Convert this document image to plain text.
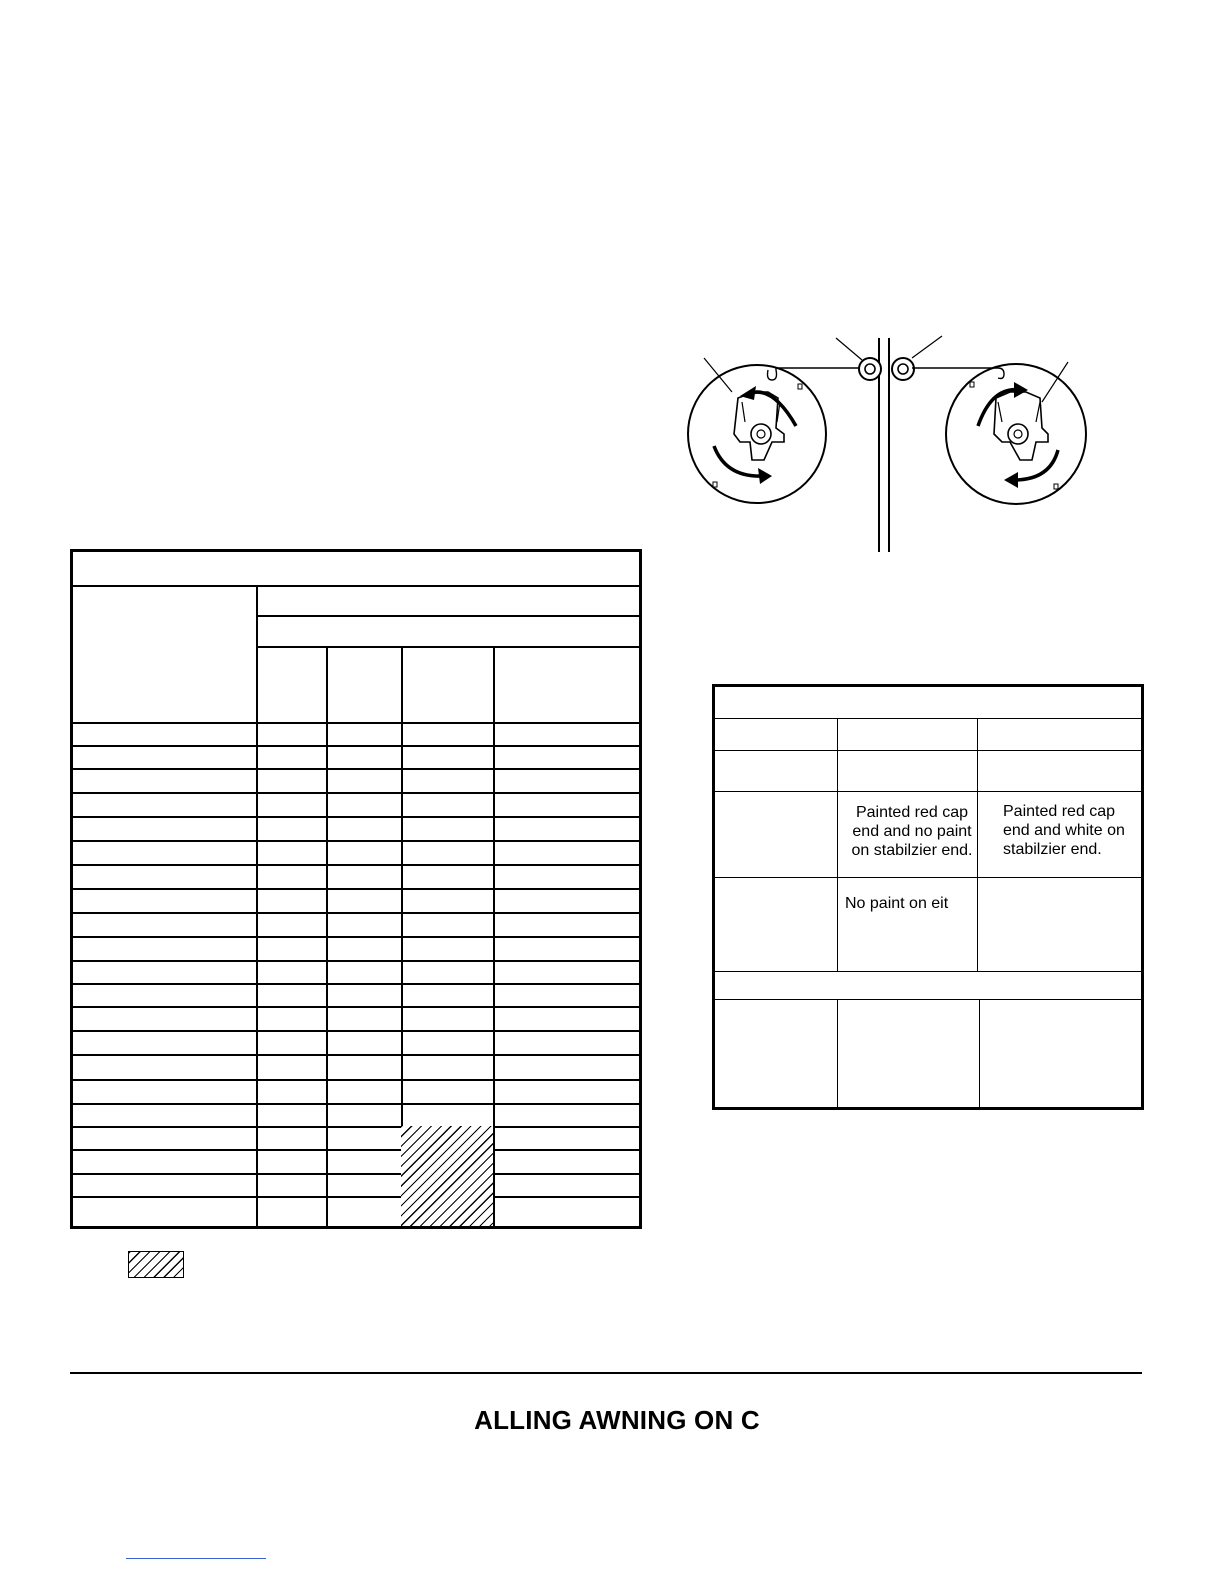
Painted red cap
end and no paint
on stabilzier end.
Painted red cap
end and white on
stabilzier end.
No paint on eit
ALLING AWNING ON C
